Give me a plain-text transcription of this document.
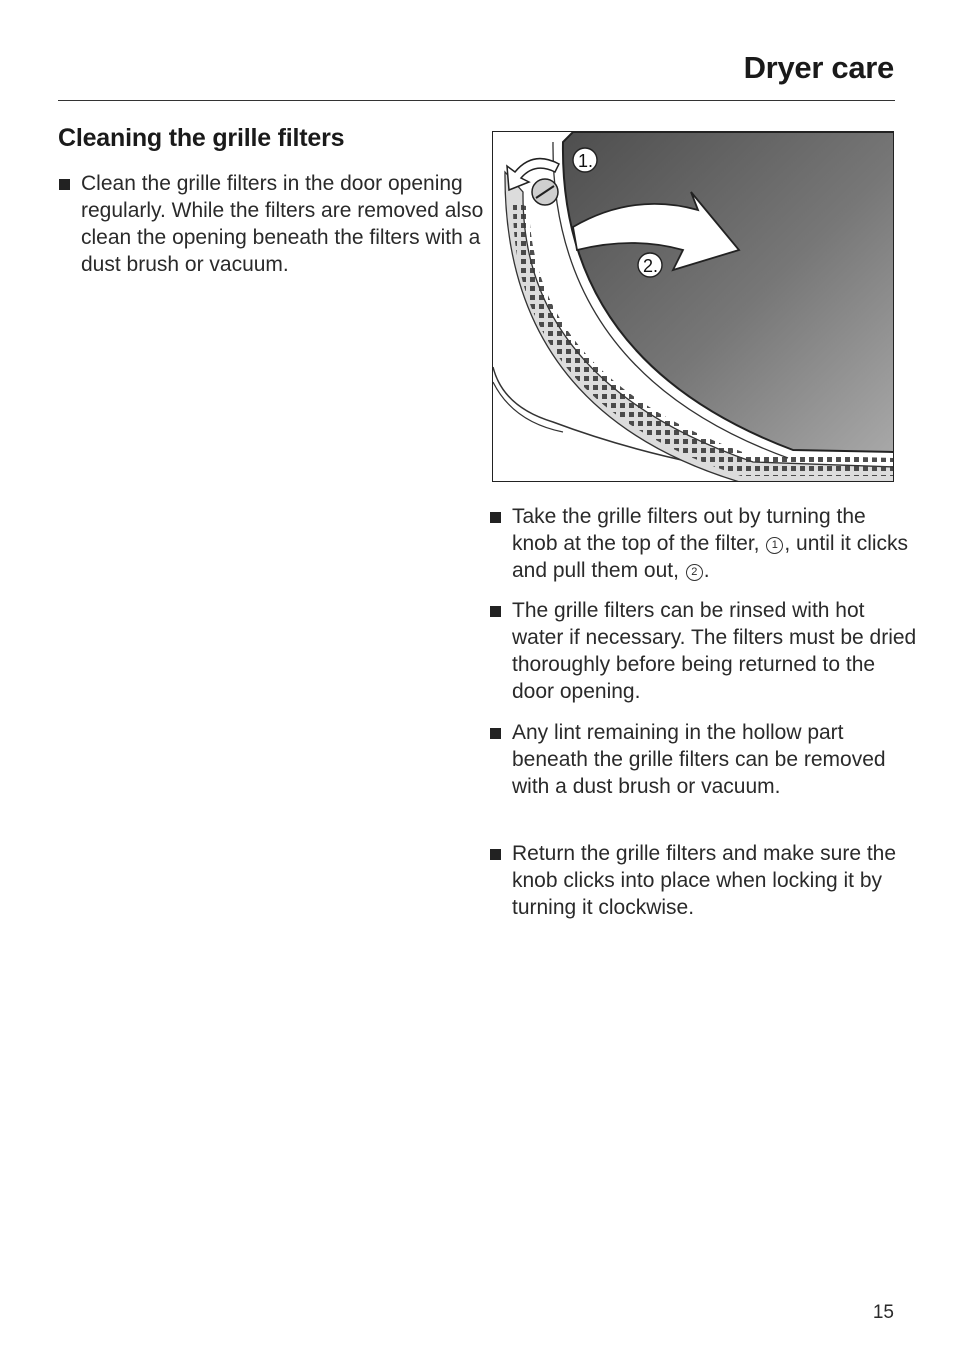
Dryer care
Cleaning the grille filters
Clean the grille filters in the door opening regularly. While the filters are removed also clean the opening beneath the filters with a dust brush or vacuum.
1.
2.
Take the grille filters out by turning the knob at the top of the filter, 1 , until it clicks and pull them out, 2 .
The grille filters can be rinsed with hot water if necessary. The filters must be dried thoroughly before being returned to the door opening.
Any lint remaining in the hollow part beneath the grille filters can be removed with a dust brush or vacuum.
Return the grille filters and make sure the knob clicks into place when locking it by turning it clockwise.
15
